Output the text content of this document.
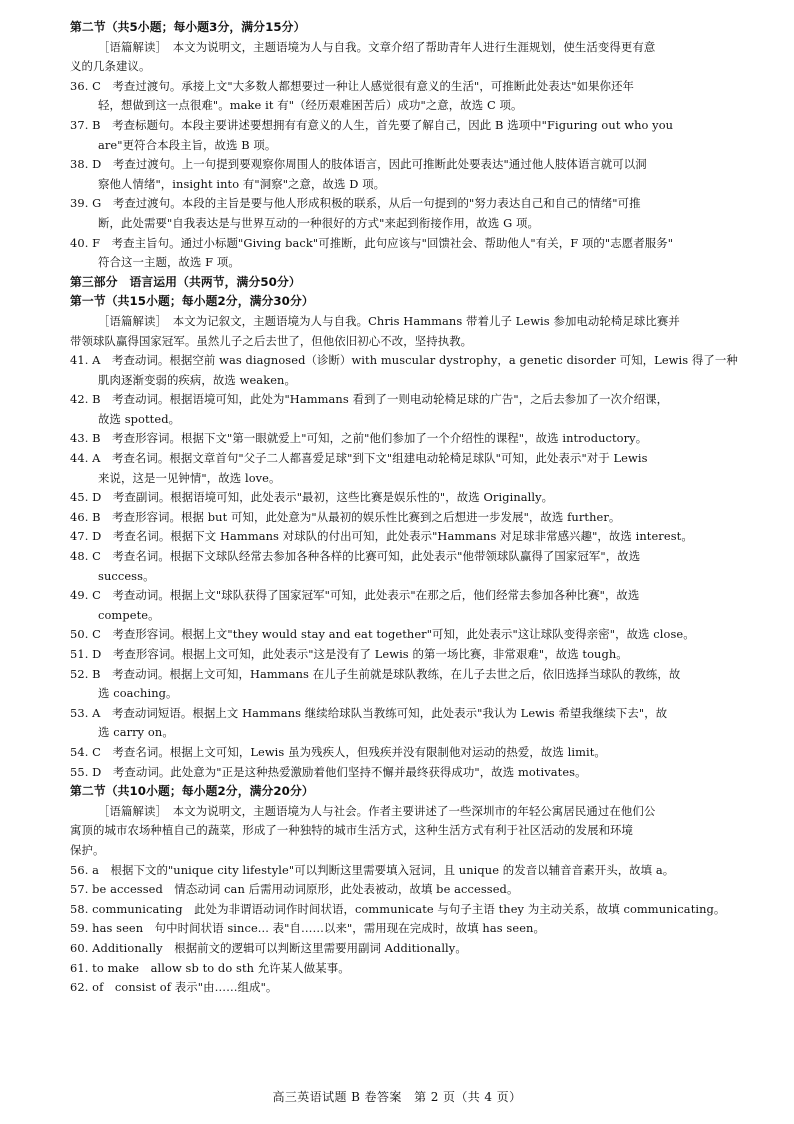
第二节（共5小题；每小题3分，满分15分）
［语篇解读］　本文为说明文，主题语境为人与自我。文章介绍了帮助青年人进行生涯规划，使生活变得更有意
义的几条建议。
36. C　考查过渡句。承接上文"大多数人都想要过一种让人感觉很有意义的生活"，可推断此处表达"如果你还年
轻，想做到这一点很难"。make it 有"（经历艰难困苦后）成功"之意，故选 C 项。
37. B　考查标题句。本段主要讲述要想拥有有意义的人生，首先要了解自己，因此 B 选项中"Figuring out who you
are"更符合本段主旨，故选 B 项。
38. D　考查过渡句。上一句提到要观察你周围人的肢体语言，因此可推断此处要表达"通过他人肢体语言就可以洞
察他人情绪"，insight into 有"洞察"之意，故选 D 项。
39. G　考查过渡句。本段的主旨是要与他人形成积极的联系，从后一句提到的"努力表达自己和自己的情绪"可推
断，此处需要"自我表达是与世界互动的一种很好的方式"来起到衔接作用，故选 G 项。
40. F　考查主旨句。通过小标题"Giving back"可推断，此句应该与"回馈社会、帮助他人"有关，F 项的"志愿者服务"
符合这一主题，故选 F 项。
第三部分　语言运用（共两节，满分50分）
第一节（共15小题；每小题2分，满分30分）
［语篇解读］　本文为记叙文，主题语境为人与自我。Chris Hammans 带着儿子 Lewis 参加电动轮椅足球比赛并
带领球队赢得国家冠军。虽然儿子之后去世了，但他依旧初心不改，坚持执教。
41. A　考查动词。根据空前 was diagnosed（诊断）with muscular dystrophy，a genetic disorder 可知，Lewis 得了一种
肌肉逐渐变弱的疾病，故选 weaken。
42. B　考查动词。根据语境可知，此处为"Hammans 看到了一则电动轮椅足球的广告"，之后去参加了一次介绍课，
故选 spotted。
43. B　考查形容词。根据下文"第一眼就爱上"可知，之前"他们参加了一个介绍性的课程"，故选 introductory。
44. A　考查名词。根据文章首句"父子二人都喜爱足球"到下文"组建电动轮椅足球队"可知，此处表示"对于 Lewis
来说，这是一见钟情"，故选 love。
45. D　考查副词。根据语境可知，此处表示"最初，这些比赛是娱乐性的"，故选 Originally。
46. B　考查形容词。根据 but 可知，此处意为"从最初的娱乐性比赛到之后想进一步发展"，故选 further。
47. D　考查名词。根据下文 Hammans 对球队的付出可知，此处表示"Hammans 对足球非常感兴趣"，故选 interest。
48. C　考查名词。根据下文球队经常去参加各种各样的比赛可知，此处表示"他带领球队赢得了国家冠军"，故选
success。
49. C　考查动词。根据上文"球队获得了国家冠军"可知，此处表示"在那之后，他们经常去参加各种比赛"，故选
compete。
50. C　考查形容词。根据上文"they would stay and eat together"可知，此处表示"这让球队变得亲密"，故选 close。
51. D　考查形容词。根据上文可知，此处表示"这是没有了 Lewis 的第一场比赛，非常艰难"，故选 tough。
52. B　考查动词。根据上文可知，Hammans 在儿子生前就是球队教练，在儿子去世之后，依旧选择当球队的教练，故
选 coaching。
53. A　考查动词短语。根据上文 Hammans 继续给球队当教练可知，此处表示"我认为 Lewis 希望我继续下去"，故
选 carry on。
54. C　考查名词。根据上文可知，Lewis 虽为残疾人，但残疾并没有限制他对运动的热爱，故选 limit。
55. D　考查动词。此处意为"正是这种热爱激励着他们坚持不懈并最终获得成功"，故选 motivates。
第二节（共10小题；每小题2分，满分20分）
［语篇解读］　本文为说明文，主题语境为人与社会。作者主要讲述了一些深圳市的年轻公寓居民通过在他们公
寓顶的城市农场种植自己的蔬菜，形成了一种独特的城市生活方式，这种生活方式有利于社区活动的发展和环境
保护。
56. a　根据下文的"unique city lifestyle"可以判断这里需要填入冠词，且 unique 的发音以辅音音素开头，故填 a。
57. be accessed　情态动词 can 后需用动词原形，此处表被动，故填 be accessed。
58. communicating　此处为非谓语动词作时间状语，communicate 与句子主语 they 为主动关系，故填 communicating。
59. has seen　句中时间状语 since... 表"自……以来"，需用现在完成时，故填 has seen。
60. Additionally　根据前文的逻辑可以判断这里需要用副词 Additionally。
61. to make　allow sb to do sth 允许某人做某事。
62. of　consist of 表示"由……组成"。
高三英语试题 B 卷答案　第 2 页（共 4 页）
